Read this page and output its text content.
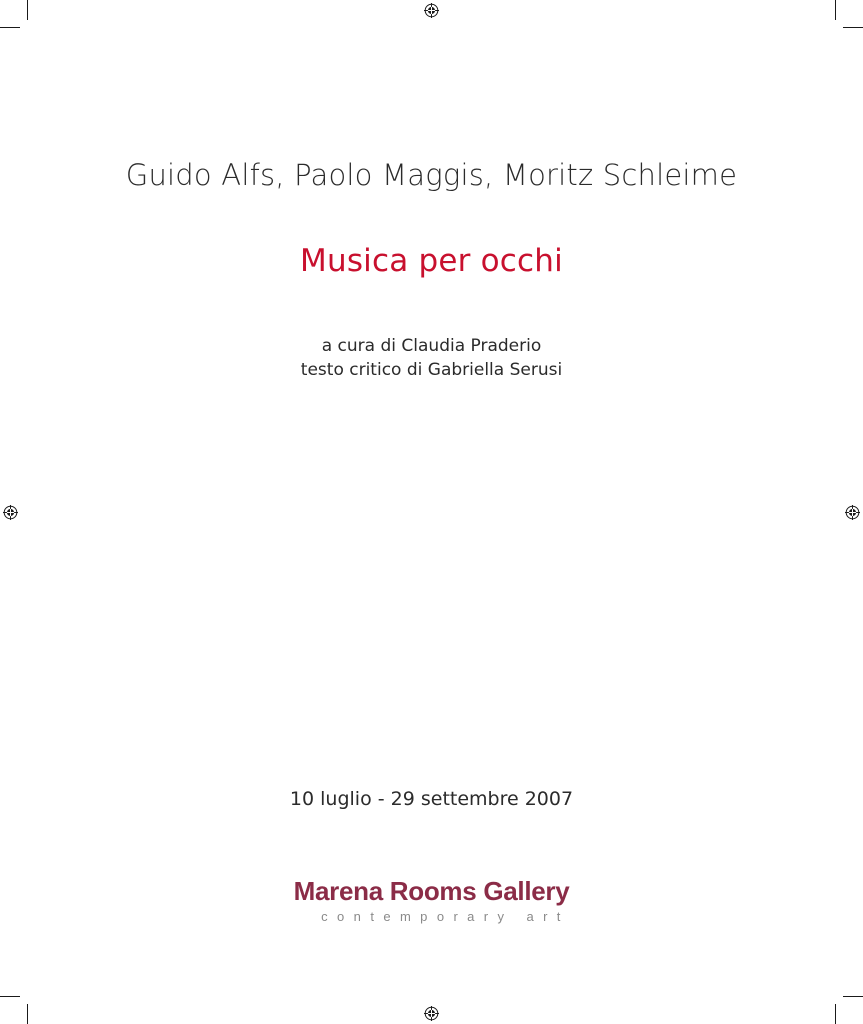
Guido Alfs, Paolo Maggis, Moritz Schleime
Musica per occhi
a cura di Claudia Praderio
testo critico di Gabriella Serusi
10 luglio - 29 settembre 2007
Marena Rooms Gallery
contemporary art
